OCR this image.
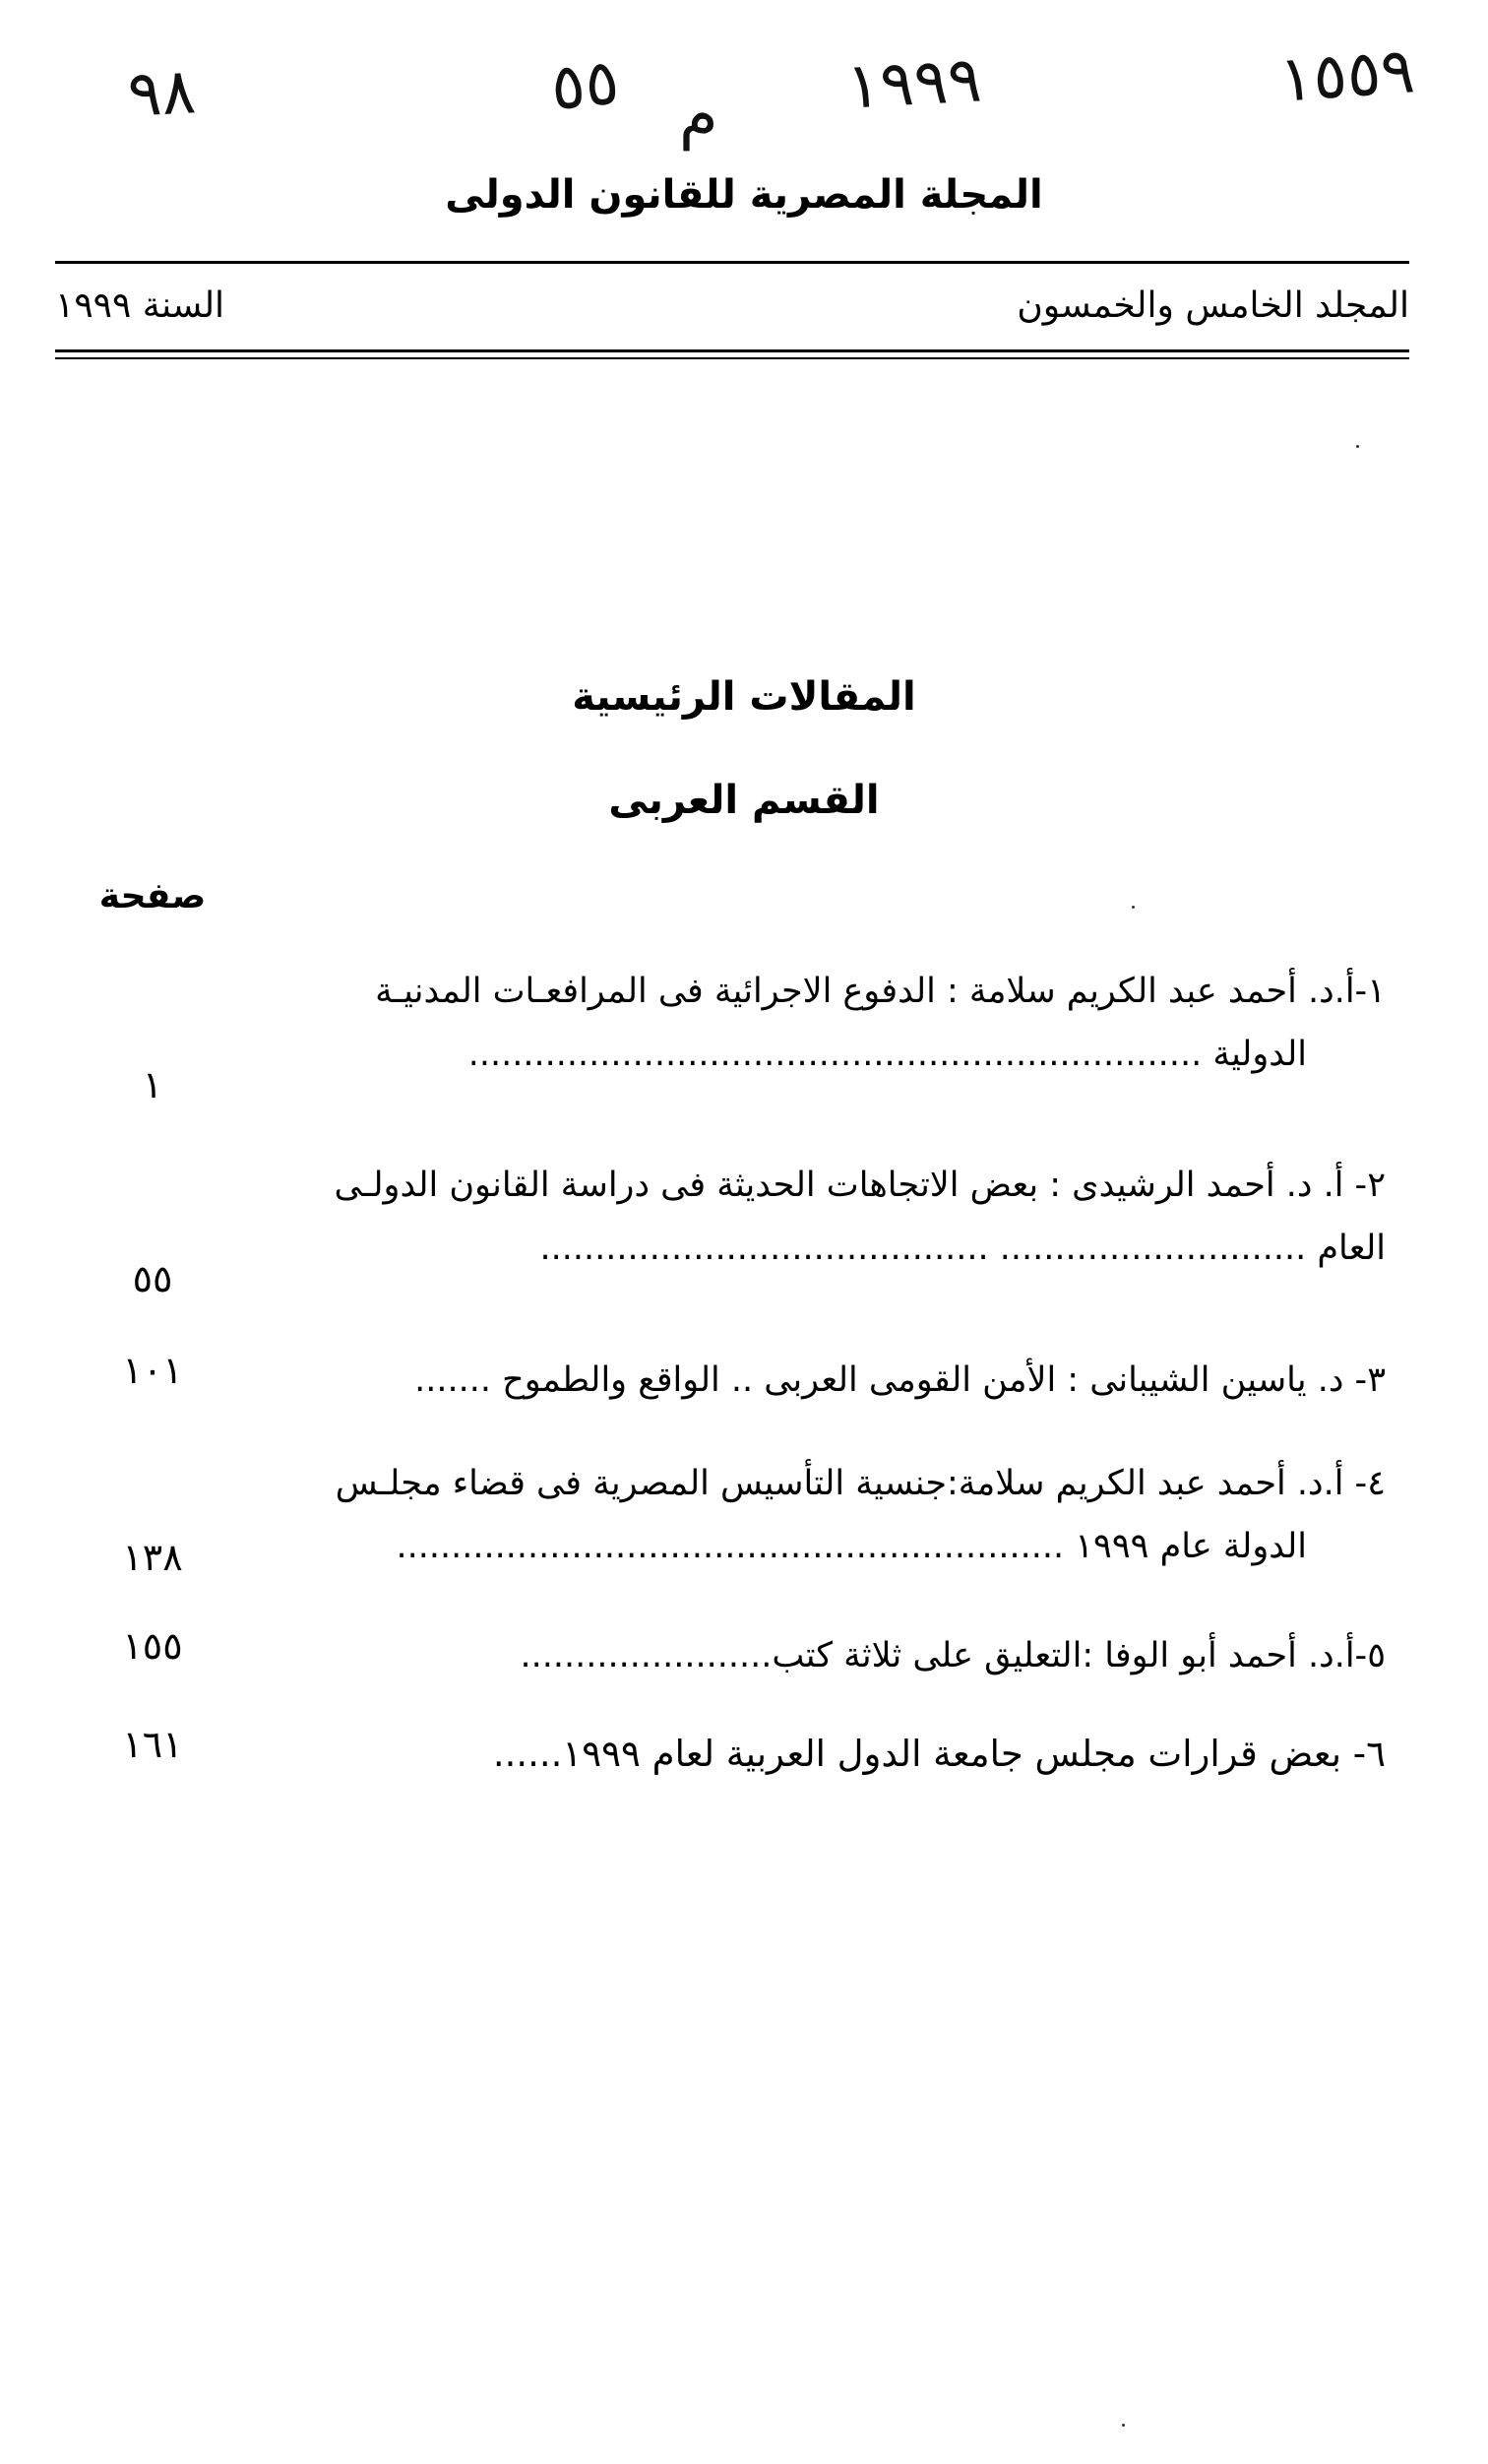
١٥٥٩
١٩٩٩
م
٥٥
٩٨
المجلة المصرية للقانون الدولى
المجلد الخامس والخمسون
السنة ١٩٩٩
المقالات الرئيسية
القسم العربى
صفحة
١-أ.د. أحمد عبد الكريم سلامة : الدفوع الاجرائية فى المرافعـات المدنيـة
الدولية ...................................................................
١
٢- أ. د. أحمد الرشيدى : بعض الاتجاهات الحديثة فى دراسة القانون الدولـى
العام ............................ .........................................
٥٥
٣- د. ياسين الشيبانى : الأمن القومى العربى .. الواقع والطموح .......
١٠١
٤- أ.د. أحمد عبد الكريم سلامة:جنسية التأسيس المصرية فى قضاء مجلـس
الدولة عام ١٩٩٩ .............................................................
١٣٨
٥-أ.د. أحمد أبو الوفا :التعليق على ثلاثة كتب.......................
١٥٥
٦- بعض قرارات مجلس جامعة الدول العربية لعام ١٩٩٩......
١٦١
